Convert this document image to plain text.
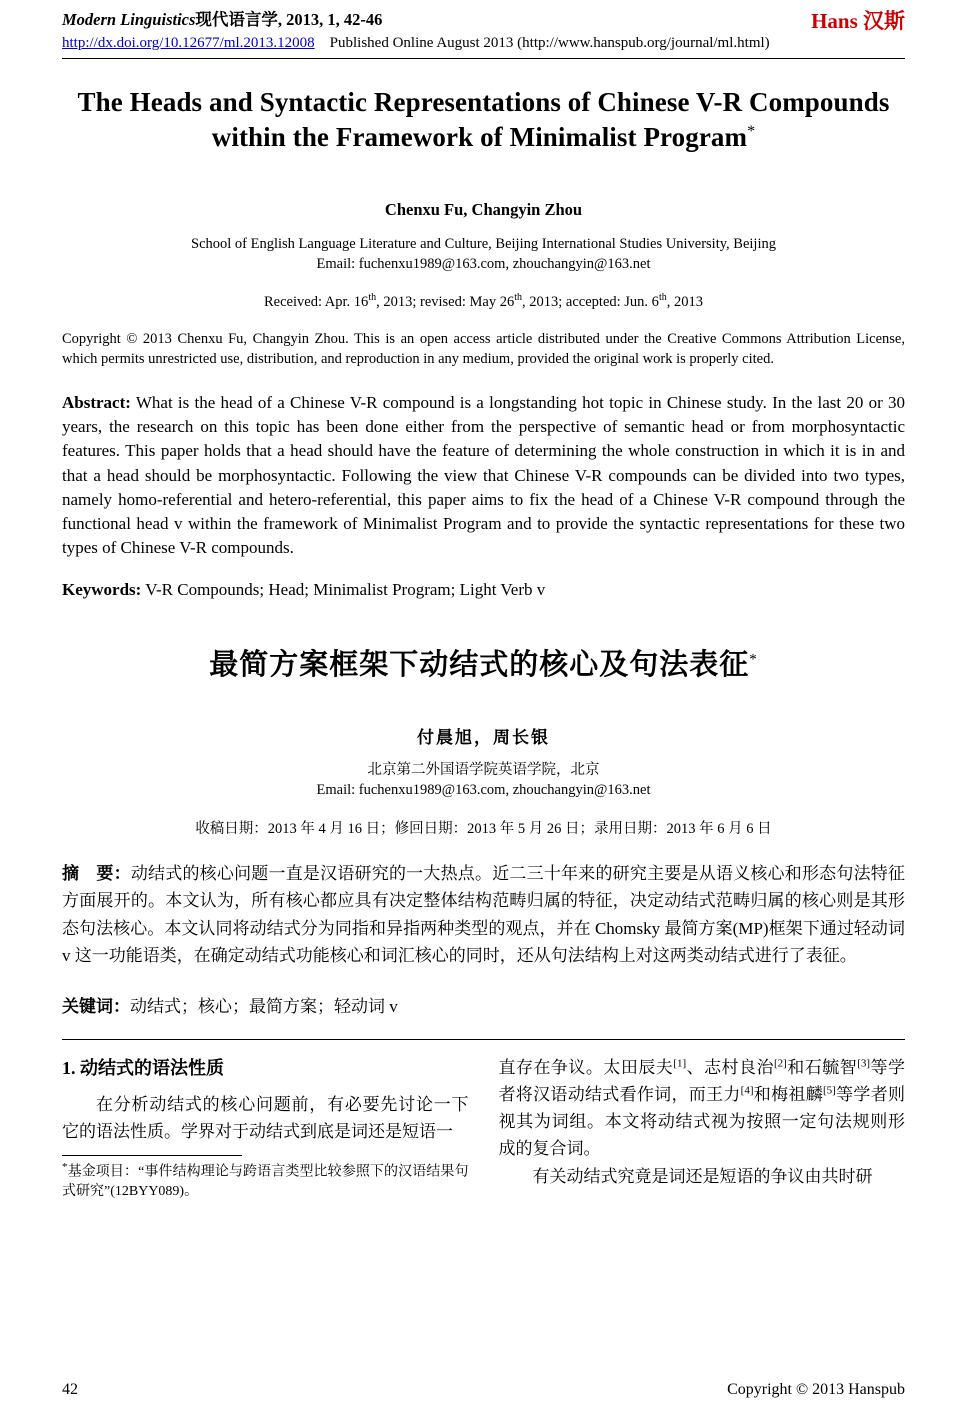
Modern Linguistics现代语言学, 2013, 1, 42-46	Hans 汉斯
http://dx.doi.org/10.12677/ml.2013.12008 Published Online August 2013 (http://www.hanspub.org/journal/ml.html)
The Heads and Syntactic Representations of Chinese V-R Compounds within the Framework of Minimalist Program*
Chenxu Fu, Changyin Zhou
School of English Language Literature and Culture, Beijing International Studies University, Beijing
Email: fuchenxu1989@163.com, zhouchangyin@163.net
Received: Apr. 16th, 2013; revised: May 26th, 2013; accepted: Jun. 6th, 2013
Copyright © 2013 Chenxu Fu, Changyin Zhou. This is an open access article distributed under the Creative Commons Attribution License, which permits unrestricted use, distribution, and reproduction in any medium, provided the original work is properly cited.
Abstract: What is the head of a Chinese V-R compound is a longstanding hot topic in Chinese study. In the last 20 or 30 years, the research on this topic has been done either from the perspective of semantic head or from morphosyntactic features. This paper holds that a head should have the feature of determining the whole construction in which it is in and that a head should be morphosyntactic. Following the view that Chinese V-R compounds can be divided into two types, namely homo-referential and hetero-referential, this paper aims to fix the head of a Chinese V-R compound through the functional head v within the framework of Minimalist Program and to provide the syntactic representations for these two types of Chinese V-R compounds.
Keywords: V-R Compounds; Head; Minimalist Program; Light Verb v
最简方案框架下动结式的核心及句法表征*
付晨旭，周长银
北京第二外国语学院英语学院，北京
Email: fuchenxu1989@163.com, zhouchangyin@163.net
收稿日期：2013 年 4 月 16 日；修回日期：2013 年 5 月 26 日；录用日期：2013 年 6 月 6 日
摘　要：动结式的核心问题一直是汉语研究的一大热点。近二三十年来的研究主要是从语义核心和形态句法特征方面展开的。本文认为，所有核心都应具有决定整体结构范畴归属的特征，决定动结式范畴归属的核心则是其形态句法核心。本文认同将动结式分为同指和异指两种类型的观点，并在 Chomsky 最简方案(MP)框架下通过轻动词 v 这一功能语类，在确定动结式功能核心和词汇核心的同时，还从句法结构上对这两类动结式进行了表征。
关键词：动结式；核心；最简方案；轻动词 v
1. 动结式的语法性质

在分析动结式的核心问题前，有必要先讨论一下它的语法性质。学界对于动结式到底是词还是短语一

*基金项目：“事件结构理论与跨语言类型比较参照下的汉语结果句式研究”(12BYY089)。

直存在争议。太田辰夫[1]、志村良治[2]和石毓智[3]等学者将汉语动结式看作词，而王力[4]和梅祖麟[5]等学者则视其为词组。本文将动结式视为按照一定句法规则形成的复合词。

有关动结式究竟是词还是短语的争议由共时研

42	Copyright © 2013 Hanspub
